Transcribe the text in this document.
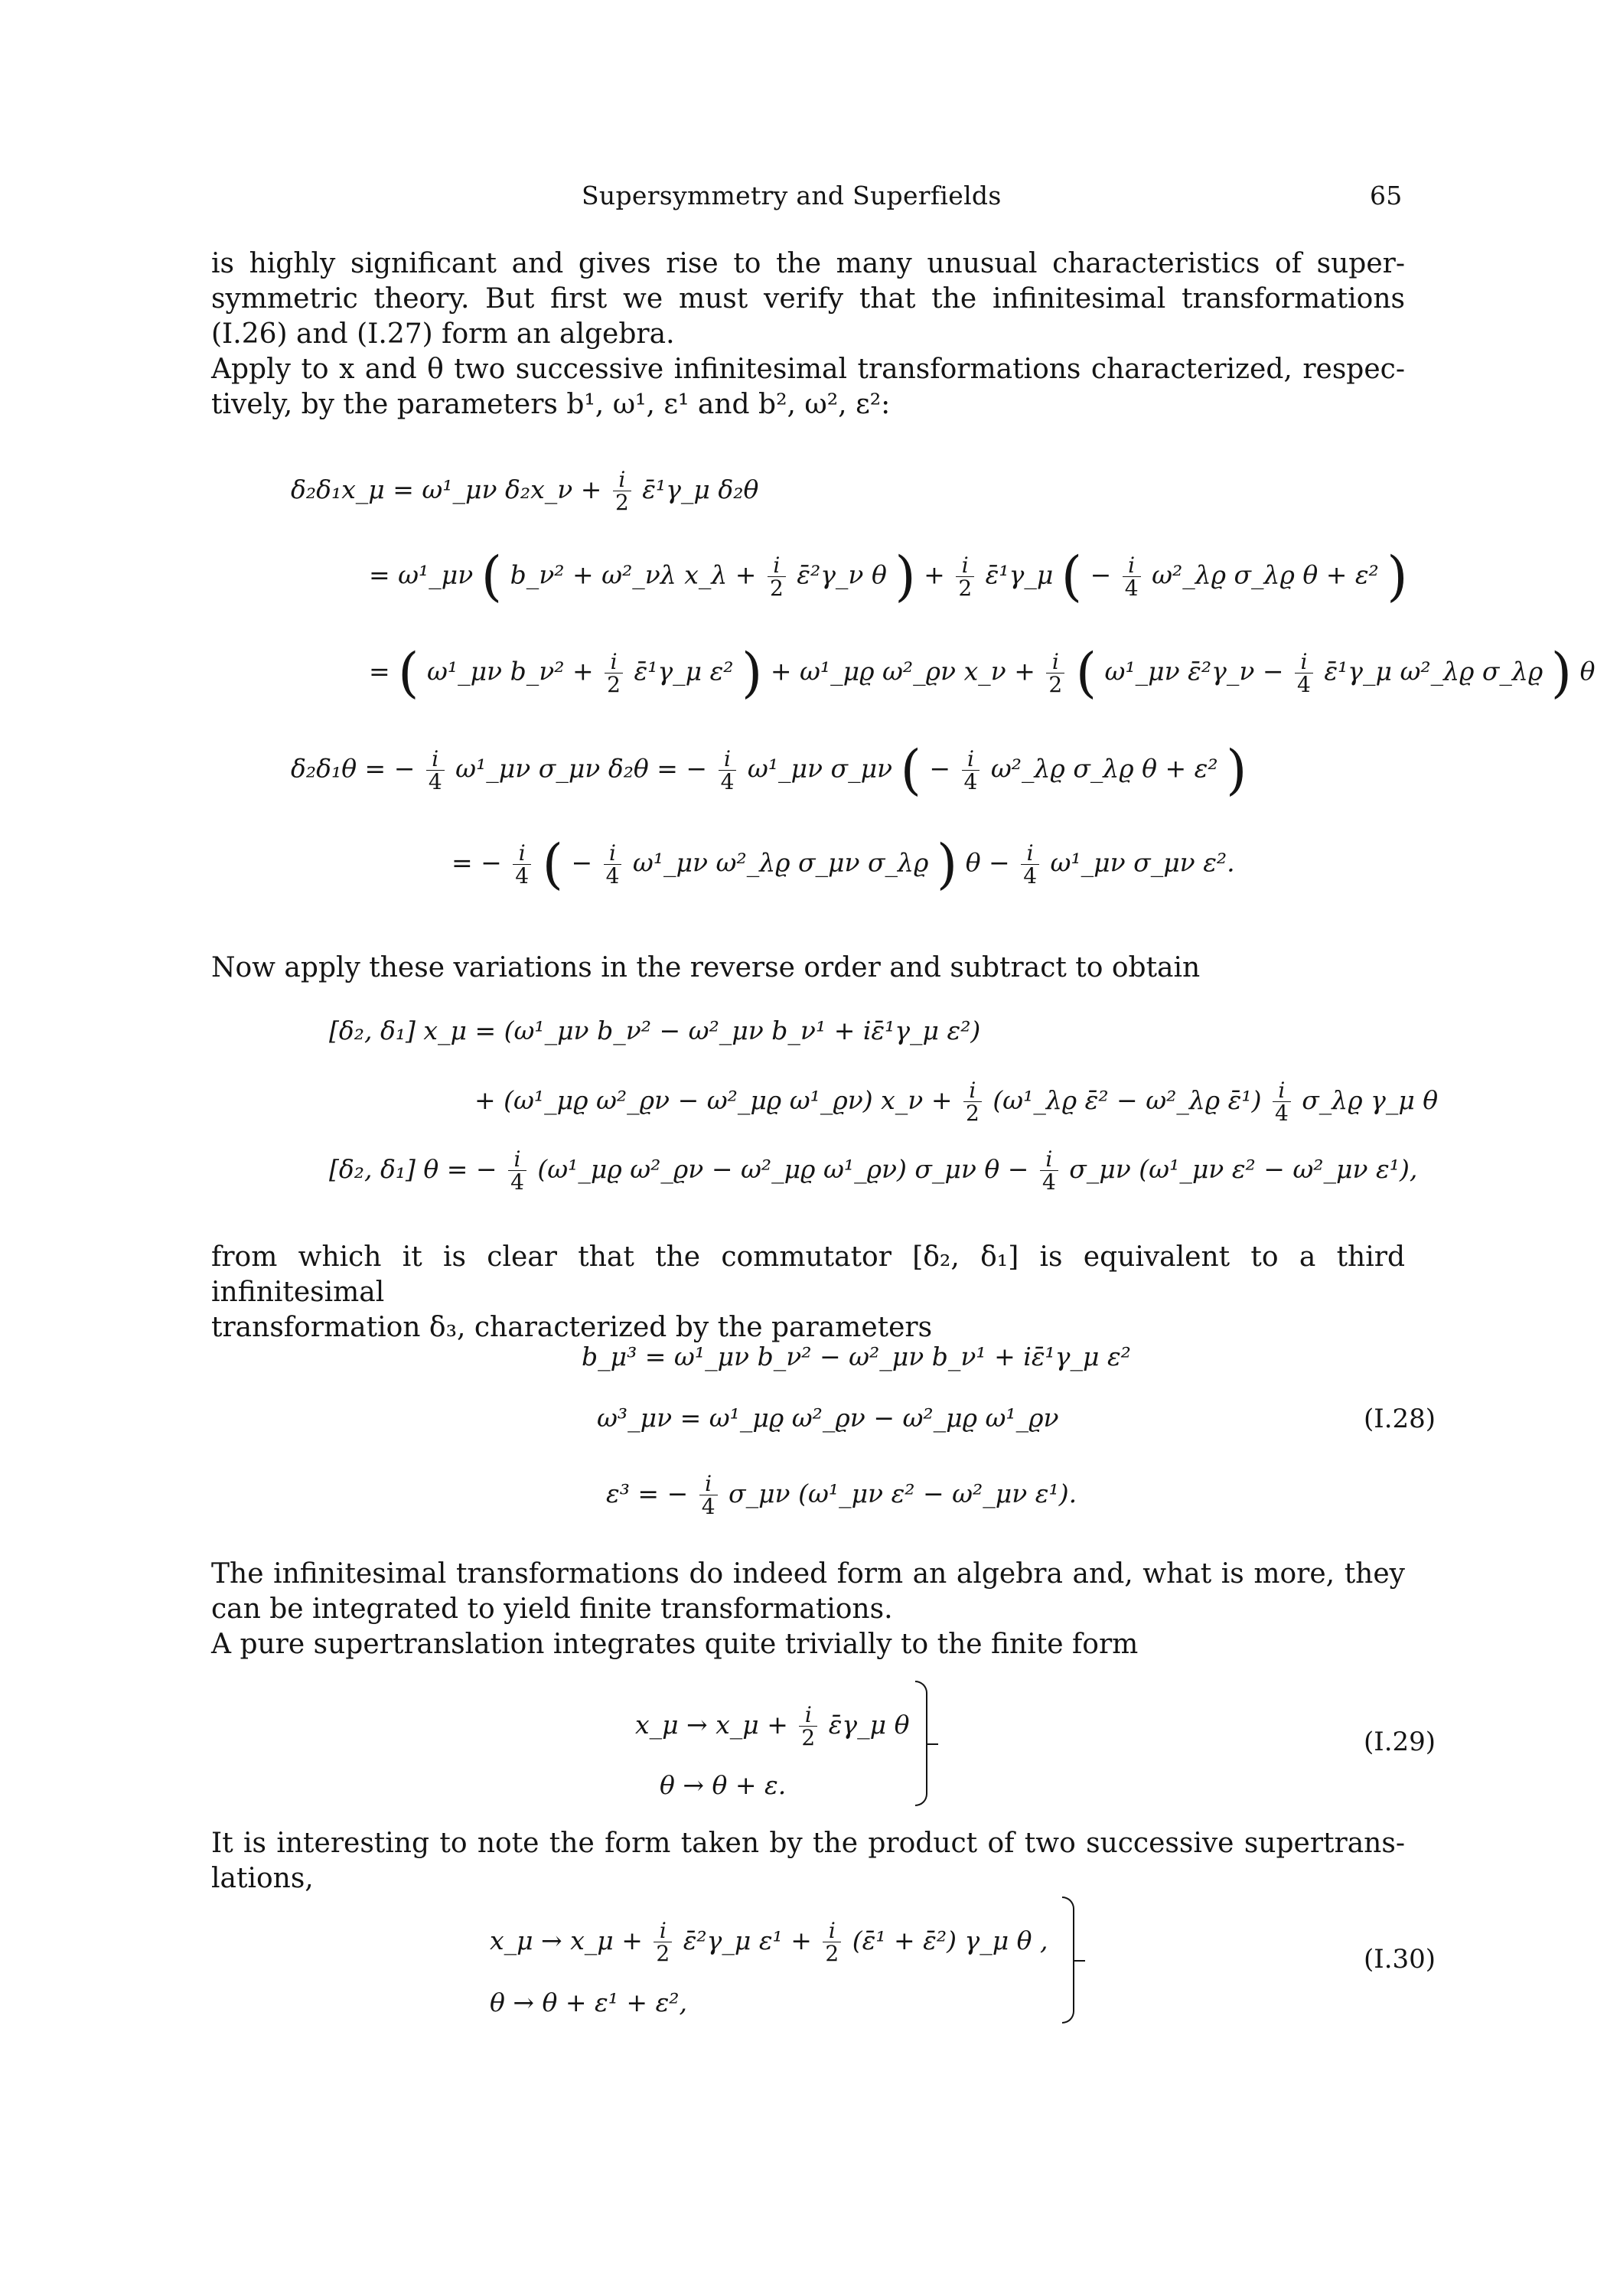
Supersymmetry and Superfields	65

is highly significant and gives rise to the many unusual characteristics of super-

symmetric theory. But first we must verify that the infinitesimal transformations

(I.26) and (I.27) form an algebra.

Apply to x and θ two successive infinitesimal transformations characterized, respec-

tively, by the parameters b¹, ω¹, ε¹ and b², ω², ε²:

δ₂δ₁x_μ = ω¹_μν δ₂x_ν + $\frac{i}{2}$ ε̄¹γ_μ δ₂θ
= ω¹_μν ( b_ν² + ω²_νλ x_λ + $\frac{i}{2}$ ε̄²γ_ν θ ) + $\frac{i}{2}$ ε̄¹γ_μ ( − $\frac{i}{4}$ ω²_λϱ σ_λϱ θ + ε² )
= ( ω¹_μν b_ν² + $\frac{i}{2}$ ε̄¹γ_μ ε² ) + ω¹_μϱ ω²_ϱν x_ν + $\frac{i}{2}$ ( ω¹_μν ε̄²γ_ν − $\frac{i}{4}$ ε̄¹γ_μ ω²_λϱ σ_λϱ ) θ
δ₂δ₁θ = − $\frac{i}{4}$ ω¹_μν σ_μν δ₂θ = − $\frac{i}{4}$ ω¹_μν σ_μν ( − $\frac{i}{4}$ ω²_λϱ σ_λϱ θ + ε² )
= − $\frac{i}{4}$ ( − $\frac{i}{4}$ ω¹_μν ω²_λϱ σ_μν σ_λϱ ) $\theta - \frac{i}{4}$ ω¹_μν σ_μν ε².

Now apply these variations in the reverse order and subtract to obtain

[δ₂, δ₁] x_μ = (ω¹_μν b_ν² − ω²_μν b_ν¹ + iε̄¹γ_μ ε²)
+ (ω¹_μϱ ω²_ϱν − ω²_μϱ ω¹_ϱν) x_ν + $\frac{i}{2}$ (ω¹_λϱ ε̄² − ω²_λϱ ε̄¹) $\frac{i}{4}$ σ_λϱ γ_μ θ
[δ₂, δ₁] θ = − $\frac{i}{4}$ (ω¹_μϱ ω²_ϱν − ω²_μϱ ω¹_ϱν) σ_μν $\theta - \frac{i}{4}$ σ_μν (ω¹_μν ε² − ω²_μν ε¹),

from which it is clear that the commutator [δ₂, δ₁] is equivalent to a third infinitesimal

transformation δ₃, characterized by the parameters

b_μ³ = ω¹_μν b_ν² − ω²_μν b_ν¹ + iε̄¹γ_μ ε²
ω³_μν = ω¹_μϱ ω²_ϱν − ω²_μϱ ω¹_ϱν	(I.28)
ε³ = − $\frac{i}{4}$ σ_μν (ω¹_μν ε² − ω²_μν ε¹).

The infinitesimal transformations do indeed form an algebra and, what is more, they

can be integrated to yield finite transformations.

A pure supertranslation integrates quite trivially to the finite form

x_μ → x_μ + $\frac{i}{2}$ ε̄γ_μ θ
θ → θ + ε.
(I.29)

It is interesting to note the form taken by the product of two successive supertrans-

lations,

x_μ → x_μ + $\frac{i}{2}$ ε̄²γ_μ $\varepsilon^1 + \frac{i}{2}$ (ε̄¹ + ε̄²) γ_μ θ ,
θ → θ + ε¹ + ε²,
(I.30)
